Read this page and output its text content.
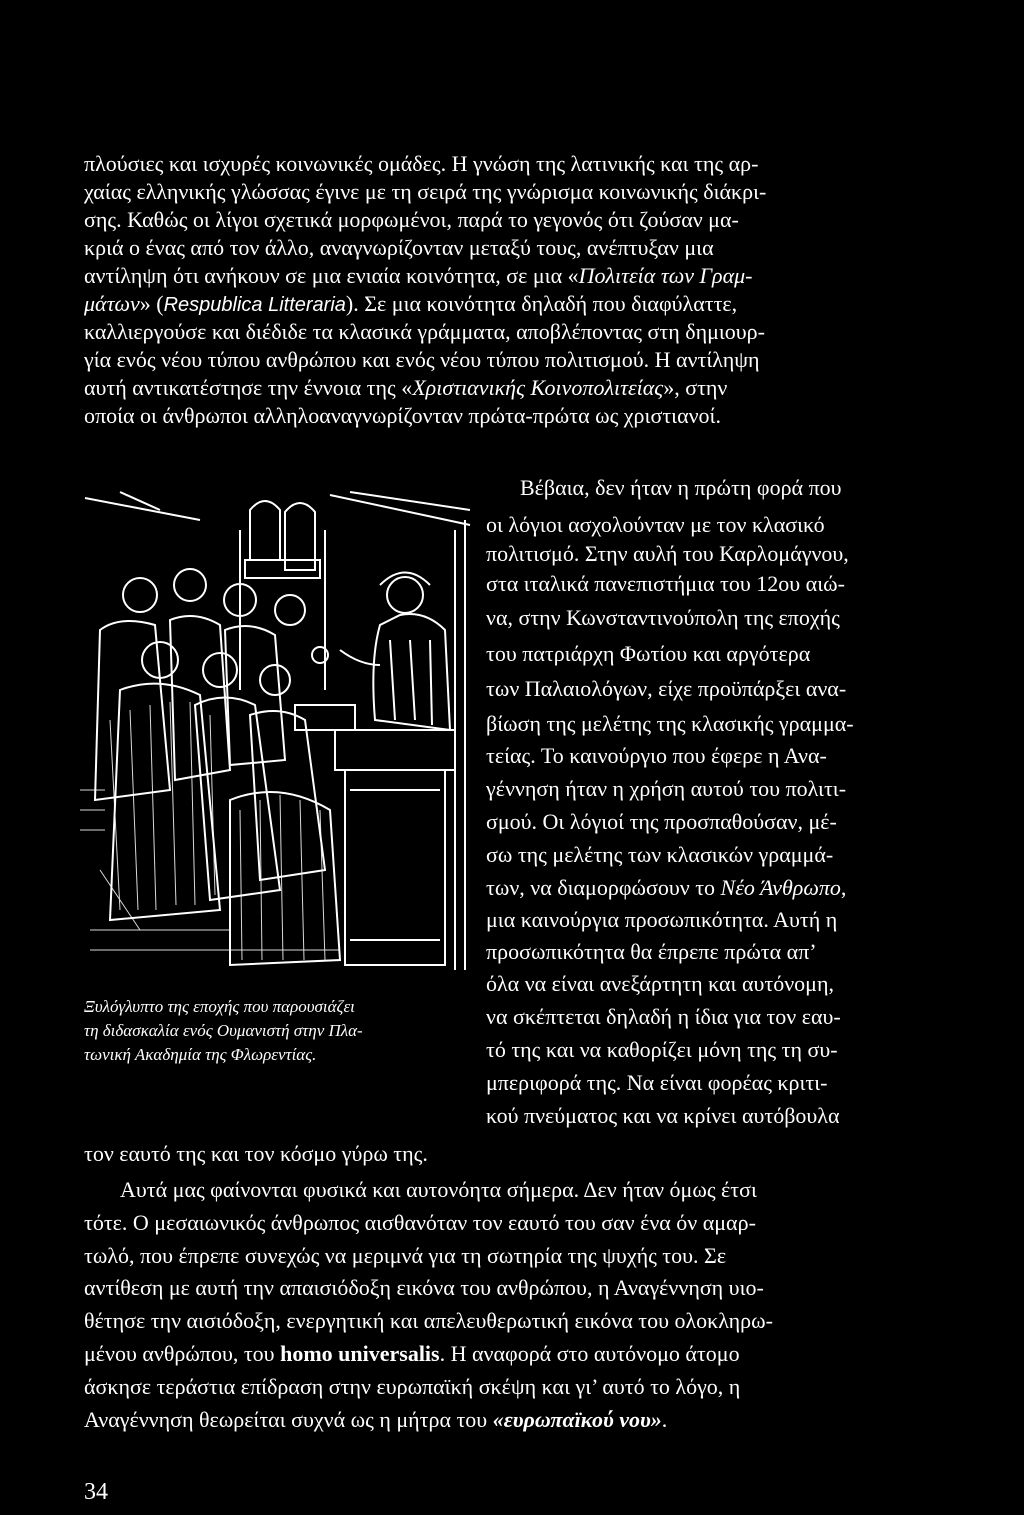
πλούσιες και ισχυρές κοινωνικές ομάδες. Η γνώση της λατινικής και της αρ-

χαίας ελληνικής γλώσσας έγινε με τη σειρά της γνώρισμα κοινωνικής διάκρι-

σης. Καθώς οι λίγοι σχετικά μορφωμένοι, παρά το γεγονός ότι ζούσαν μα-

κριά ο ένας από τον άλλο, αναγνωρίζονταν μεταξύ τους, ανέπτυξαν μια

αντίληψη ότι ανήκουν σε μια ενιαία κοινότητα, σε μια «Πολιτεία των Γραμ-

μάτων» (Respublica Litteraria). Σε μια κοινότητα δηλαδή που διαφύλαττε,

καλλιεργούσε και διέδιδε τα κλασικά γράμματα, αποβλέποντας στη δημιουρ-

γία ενός νέου τύπου ανθρώπου και ενός νέου τύπου πολιτισμού. Η αντίληψη

αυτή αντικατέστησε την έννοια της «Χριστιανικής Κοινοπολιτείας», στην

οποία οι άνθρωποι αλληλοαναγνωρίζονταν πρώτα-πρώτα ως χριστιανοί.

Ξυλόγλυπτο της εποχής που παρουσιάζει
τη διδασκαλία ενός Ουμανιστή στην Πλα-
τωνική Ακαδημία της Φλωρεντίας.

Βέβαια, δεν ήταν η πρώτη φορά που

οι λόγιοι ασχολούνταν με τον κλασικό

πολιτισμό. Στην αυλή του Καρλομάγνου,

στα ιταλικά πανεπιστήμια του 12ου αιώ-

να, στην Κωνσταντινούπολη της εποχής

του πατριάρχη Φωτίου και αργότερα

των Παλαιολόγων, είχε προϋπάρξει ανα-

βίωση της μελέτης της κλασικής γραμμα-

τείας. Το καινούργιο που έφερε η Ανα-

γέννηση ήταν η χρήση αυτού του πολιτι-

σμού. Οι λόγιοί της προσπαθούσαν, μέ-

σω της μελέτης των κλασικών γραμμά-

των, να διαμορφώσουν το Νέο Άνθρωπο,

μια καινούργια προσωπικότητα. Αυτή η

προσωπικότητα θα έπρεπε πρώτα απ’

όλα να είναι ανεξάρτητη και αυτόνομη,

να σκέπτεται δηλαδή η ίδια για τον εαυ-

τό της και να καθορίζει μόνη της τη συ-

μπεριφορά της. Να είναι φορέας κριτι-

κού πνεύματος και να κρίνει αυτόβουλα

τον εαυτό της και τον κόσμο γύρω της.

Αυτά μας φαίνονται φυσικά και αυτονόητα σήμερα. Δεν ήταν όμως έτσι

τότε. Ο μεσαιωνικός άνθρωπος αισθανόταν τον εαυτό του σαν ένα όν αμαρ-

τωλό, που έπρεπε συνεχώς να μεριμνά για τη σωτηρία της ψυχής του. Σε

αντίθεση με αυτή την απαισιόδοξη εικόνα του ανθρώπου, η Αναγέννηση υιο-

θέτησε την αισιόδοξη, ενεργητική και απελευθερωτική εικόνα του ολοκληρω-

μένου ανθρώπου, του homo universalis. Η αναφορά στο αυτόνομο άτομο

άσκησε τεράστια επίδραση στην ευρωπαϊκή σκέψη και γι’ αυτό το λόγο, η

Αναγέννηση θεωρείται συχνά ως η μήτρα του «ευρωπαϊκού νου».

34
